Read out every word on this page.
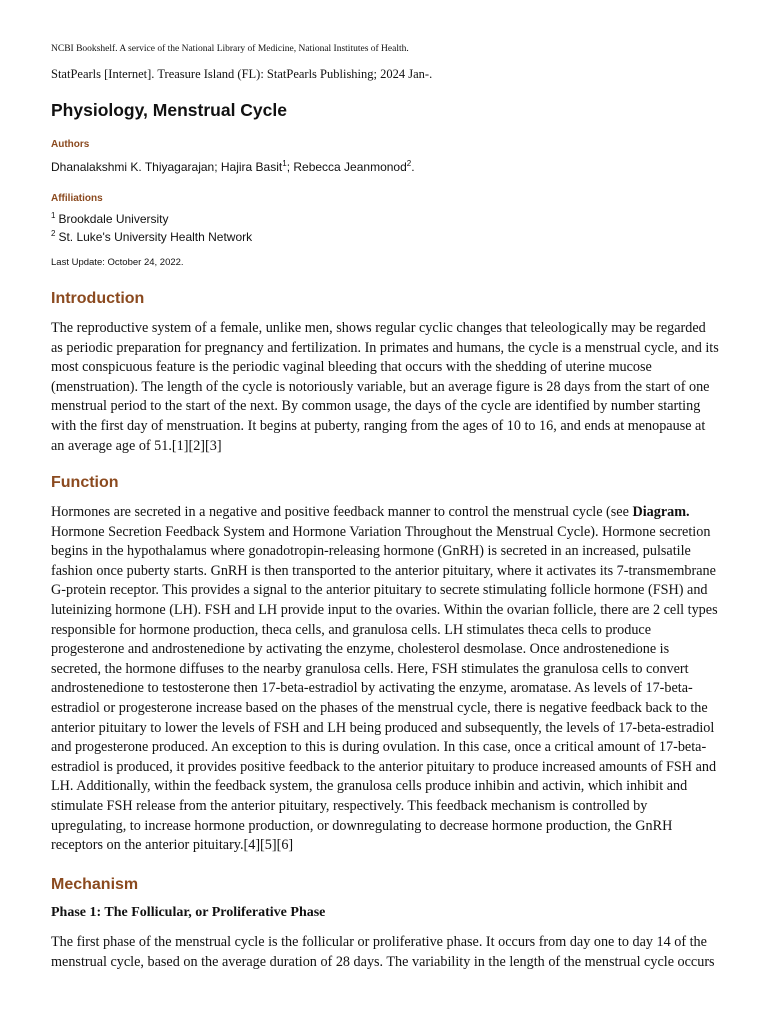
NCBI Bookshelf. A service of the National Library of Medicine, National Institutes of Health.
StatPearls [Internet]. Treasure Island (FL): StatPearls Publishing; 2024 Jan-.
Physiology, Menstrual Cycle
Authors
Dhanalakshmi K. Thiyagarajan; Hajira Basit$^1$; Rebecca Jeanmonod$^2$.
Affiliations
$^1$ Brookdale University
$^2$ St. Luke's University Health Network
Last Update: October 24, 2022.
Introduction

The reproductive system of a female, unlike men, shows regular cyclic changes that teleologically may be regarded as periodic preparation for pregnancy and fertilization. In primates and humans, the cycle is a menstrual cycle, and its most conspicuous feature is the periodic vaginal bleeding that occurs with the shedding of uterine mucose (menstruation). The length of the cycle is notoriously variable, but an average figure is 28 days from the start of one menstrual period to the start of the next. By common usage, the days of the cycle are identified by number starting with the first day of menstruation. It begins at puberty, ranging from the ages of 10 to 16, and ends at menopause at an average age of 51.[1][2][3]

Function

Hormones are secreted in a negative and positive feedback manner to control the menstrual cycle (see Diagram. Hormone Secretion Feedback System and Hormone Variation Throughout the Menstrual Cycle). Hormone secretion begins in the hypothalamus where gonadotropin-releasing hormone (GnRH) is secreted in an increased, pulsatile fashion once puberty starts. GnRH is then transported to the anterior pituitary, where it activates its 7-transmembrane G-protein receptor. This provides a signal to the anterior pituitary to secrete stimulating follicle hormone (FSH) and luteinizing hormone (LH). FSH and LH provide input to the ovaries. Within the ovarian follicle, there are 2 cell types responsible for hormone production, theca cells, and granulosa cells. LH stimulates theca cells to produce progesterone and androstenedione by activating the enzyme, cholesterol desmolase. Once androstenedione is secreted, the hormone diffuses to the nearby granulosa cells. Here, FSH stimulates the granulosa cells to convert androstenedione to testosterone then 17-beta-estradiol by activating the enzyme, aromatase. As levels of 17-beta-estradiol or progesterone increase based on the phases of the menstrual cycle, there is negative feedback back to the anterior pituitary to lower the levels of FSH and LH being produced and subsequently, the levels of 17-beta-estradiol and progesterone produced. An exception to this is during ovulation. In this case, once a critical amount of 17-beta-estradiol is produced, it provides positive feedback to the anterior pituitary to produce increased amounts of FSH and LH. Additionally, within the feedback system, the granulosa cells produce inhibin and activin, which inhibit and stimulate FSH release from the anterior pituitary, respectively. This feedback mechanism is controlled by upregulating, to increase hormone production, or downregulating to decrease hormone production, the GnRH receptors on the anterior pituitary.[4][5][6]

Mechanism
Phase 1: The Follicular, or Proliferative Phase

The first phase of the menstrual cycle is the follicular or proliferative phase. It occurs from day one to day 14 of the menstrual cycle, based on the average duration of 28 days. The variability in the length of the menstrual cycle occurs
